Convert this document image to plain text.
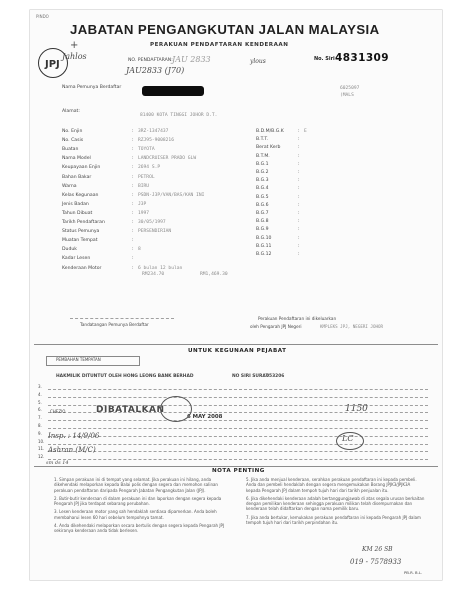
PINDO
JPJ
Jahlos
+
JABATAN PENGANGKUTAN JALAN MALAYSIA
PERAKUAN PENDAFTARAN KENDERAAN
NO. PENDAFTARAN: JAU 2833
JAU2833 (J70)
ylous	No. Siri 4831309
Nama Pemunya Berdaftar	6025097
(MALS
Alamat:
81400 KOTA TINGGI JOHOR D.T.
No. Enjin	: 3RZ-1347437
No. Casis	: RZJ95-9008216
Buatan	: TOYOTA
Nama Model	: LANDCRUISER PRADO GLW
Keupayaan Enjin	: 2694 S.P
Bahan Bakar	: PETROL
Warna	: BIRU
Kelas Kegunaan	: PSDN-J3P/VAN/BAS/KAN INI
Jenis Badan	: J3P
Tahun Dibuat	: 1997
Tarikh Pendaftaran	: 30/05/1997
Status Pemunya	: PERSENDIRIAN
Muatan Tempat	:
Duduk	: 8
Kadar Lesen	:
Kenderaan Motor	: 6 bulan 12 bulan
B.D.M/B.G.K	: E
B.T.T.	:
Berat Kerb	:
B.T.M.	:
B.G.1	:
B.G.2	:
B.G.3	:
B.G.4	:
B.G.5	:
B.G.6	:
B.G.7	:
B.G.8	:
B.G.9	:
B.G.10	:
B.G.11	:
B.G.12	:
RM234.70	RM1,469.30
Tandatangan Pemunya Berdaftar
Perakuan Pendaftaran ini dikeluarkan
oleh Pengarah JPJ Negeri	KMPLEKS JPJ, NEGERI JOHOR
UNTUK KEGUNAAN PEJABAT
PEMBAHAN TEMPATAN
HAKMILIK DITUNTUT OLEH HONG LEONG BANK BERHAD	NO SIRI SURAT
053206
3.
4.
5.
6.
7.
8.
9.
10.
11.
12.
CHEZIO	DIBATALKAN
6 MAY 2008
1150
LC
Insp. : 14/9/06
Ashran (M/C)
sm ds 14
NOTA PENTING
1. Simpan perakuan ini di tempat yang selamat. Jika perakuan ini hilang, anda dikehendaki melaporkan kepada Balai polis dengan segera dan memohon salinan perakuan pendaftaran daripada Pengarah Jabatan Pengangkutan Jalan (JPJ).
2. Butir-butir kenderaan di dalam perakuan ini dan laporkan dengan segera kepada Pengarah JPJ jika terdapat sebarang perubahan.
3. Lesen kenderaan motor yang sah hendaklah sentiasa dipamerkan. Anda boleh membaharui lesen 60 hari sebelum tempohnya tamat.
4. Anda dikehendaki melaporkan secara bertulis dengan segera kepada Pengarah JPJ sekiranya kenderaan anda tidak berlesen.
5. Jika anda menjual kenderaan, serahkan perakuan pendaftaran ini kepada pembeli. Anda dan pembeli hendaklah dengan segera mengemukakan Borang JPJK3/JPJK3A kepada Pengarah JPJ dalam tempoh tujuh hari dari tarikh penjualan itu.
6. Jika dikehendaki kenderaan adalah bertanggungjawab di atas segala urusan berkaitan dengan pemilikan kenderaan sehingga perakuan milikan telah disempurnakan dan kenderaan telah didaftarkan dengan nama pemilik baru.
7. Jika anda bertukar, kemukakan perakuan pendaftaran ini kepada Pengarah JPJ dalam tempoh tujuh hari dari tarikh perpindahan itu.
KM 26 SB
019 - 7578933
PB.R. B.L.
